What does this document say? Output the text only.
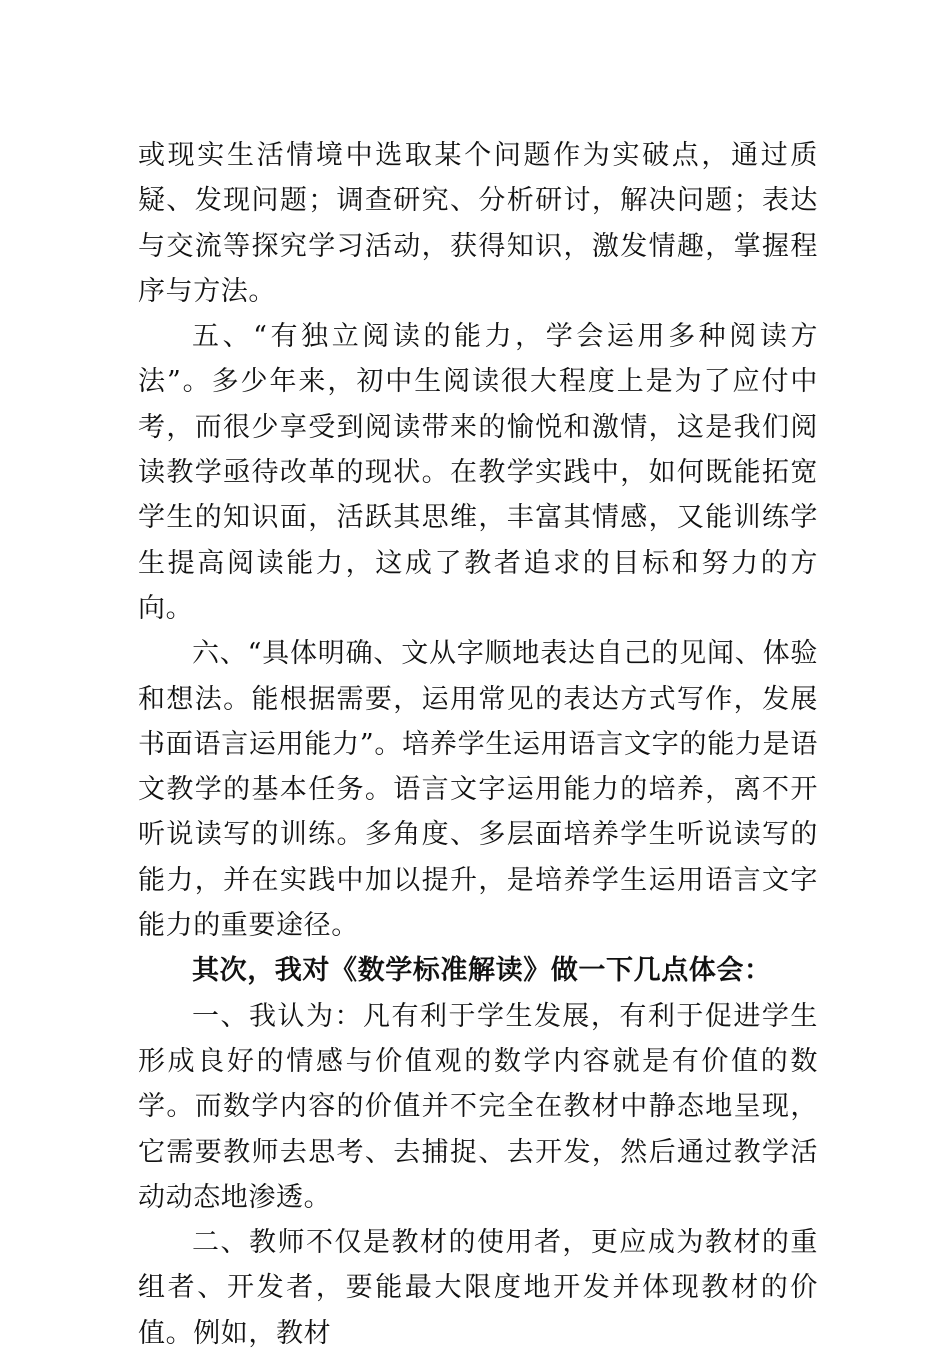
或现实生活情境中选取某个问题作为实破点，通过质疑、发现问题；调查研究、分析研讨，解决问题；表达与交流等探究学习活动，获得知识，激发情趣，掌握程序与方法。

五、“有独立阅读的能力，学会运用多种阅读方法”。多少年来，初中生阅读很大程度上是为了应付中考，而很少享受到阅读带来的愉悦和激情，这是我们阅读教学亟待改革的现状。在教学实践中，如何既能拓宽学生的知识面，活跃其思维，丰富其情感，又能训练学生提高阅读能力，这成了教者追求的目标和努力的方向。

六、“具体明确、文从字顺地表达自己的见闻、体验和想法。能根据需要，运用常见的表达方式写作，发展书面语言运用能力”。培养学生运用语言文字的能力是语文教学的基本任务。语言文字运用能力的培养，离不开听说读写的训练。多角度、多层面培养学生听说读写的能力，并在实践中加以提升，是培养学生运用语言文字能力的重要途径。

其次，我对《数学标准解读》做一下几点体会：

一、我认为：凡有利于学生发展，有利于促进学生形成良好的情感与价值观的数学内容就是有价值的数学。而数学内容的价值并不完全在教材中静态地呈现，它需要教师去思考、去捕捉、去开发，然后通过教学活动动态地渗透。

二、教师不仅是教材的使用者，更应成为教材的重组者、开发者，要能最大限度地开发并体现教材的价值。例如，教材
